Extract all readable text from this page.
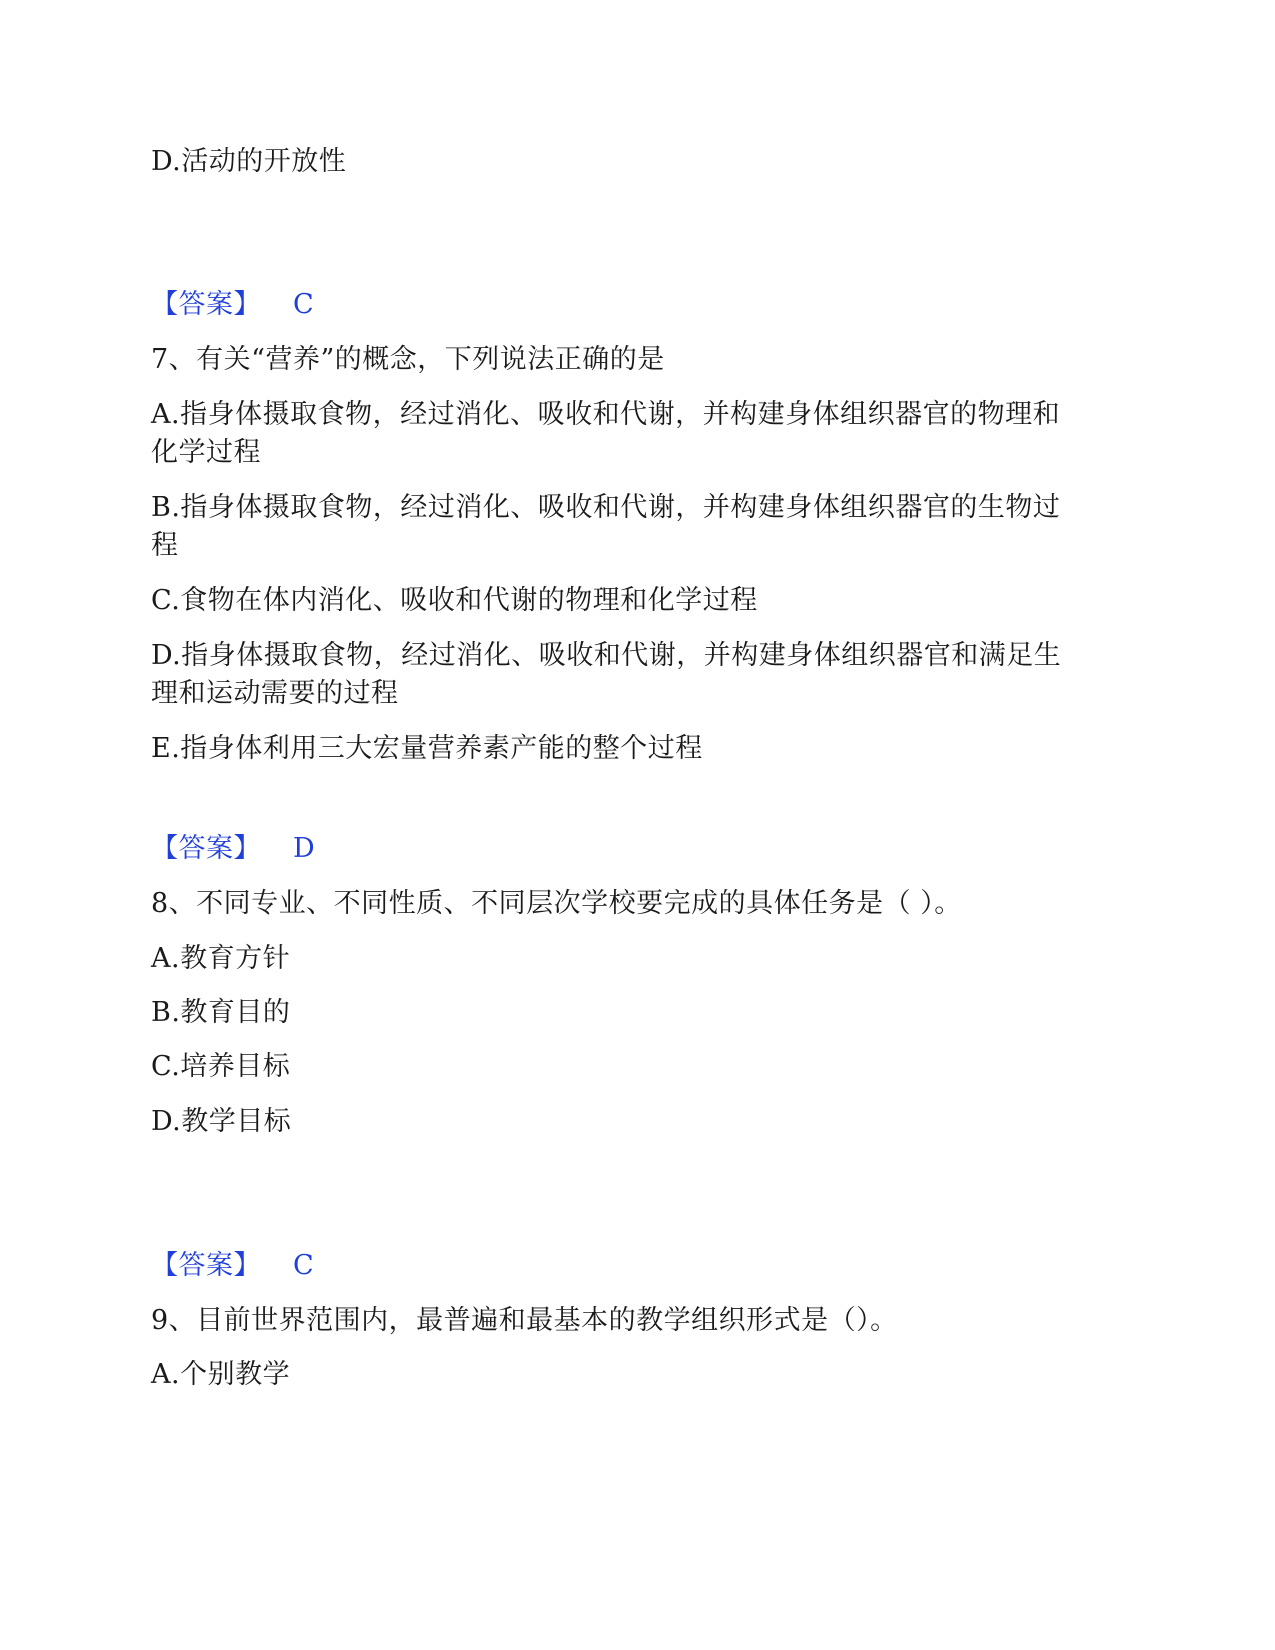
D.活动的开放性
【答案】 C
7、有关“营养”的概念，下列说法正确的是
A.指身体摄取食物，经过消化、吸收和代谢，并构建身体组织器官的物理和
化学过程
B.指身体摄取食物，经过消化、吸收和代谢，并构建身体组织器官的生物过
程
C.食物在体内消化、吸收和代谢的物理和化学过程
D.指身体摄取食物，经过消化、吸收和代谢，并构建身体组织器官和满足生
理和运动需要的过程
E.指身体利用三大宏量营养素产能的整个过程
【答案】 D
8、不同专业、不同性质、不同层次学校要完成的具体任务是（ ）。
A.教育方针
B.教育目的
C.培养目标
D.教学目标
【答案】 C
9、目前世界范围内，最普遍和最基本的教学组织形式是（）。
A.个别教学
